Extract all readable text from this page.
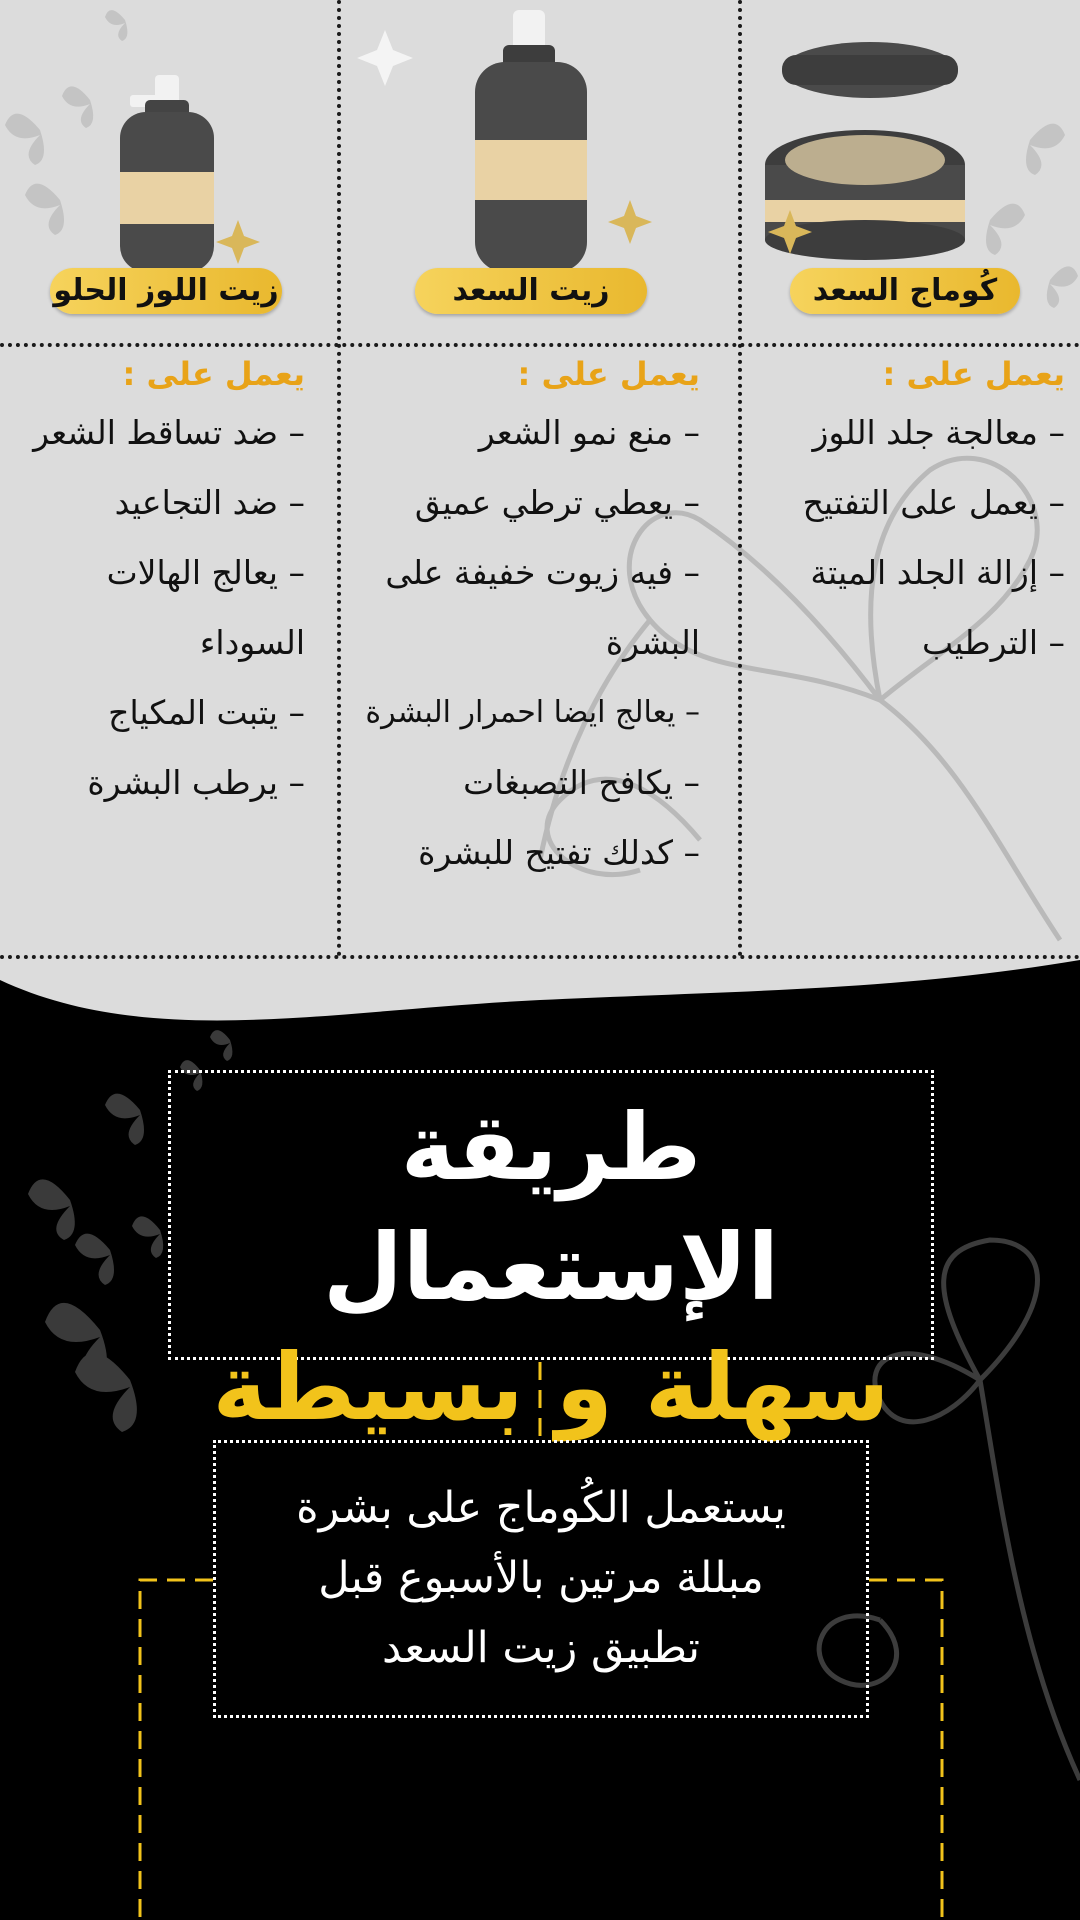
زيت اللوز الحلو	زيت السعد	كُوماج السعد
يعمل على :
– ضد تساقط الشعر
– ضد التجاعيد
– يعالج الهالات
السوداء
– يتبت المكياج
– يرطب البشرة
يعمل على :
– منع نمو الشعر
– يعطي ترطي عميق
– فيه زيوت خفيفة على
البشرة
– يعالج ايضا احمرار البشرة
– يكافح التصبغات
– كدلك تفتيح للبشرة
يعمل على :
– معالجة جلد اللوز
– يعمل على التفتيح
– إزالة الجلد الميتة
– الترطيب
طريقة الإستعمال
سهلة و بسيطة
يستعمل الكُوماج على بشرة
مبللة مرتين بالأسبوع قبل
تطبيق زيت السعد
